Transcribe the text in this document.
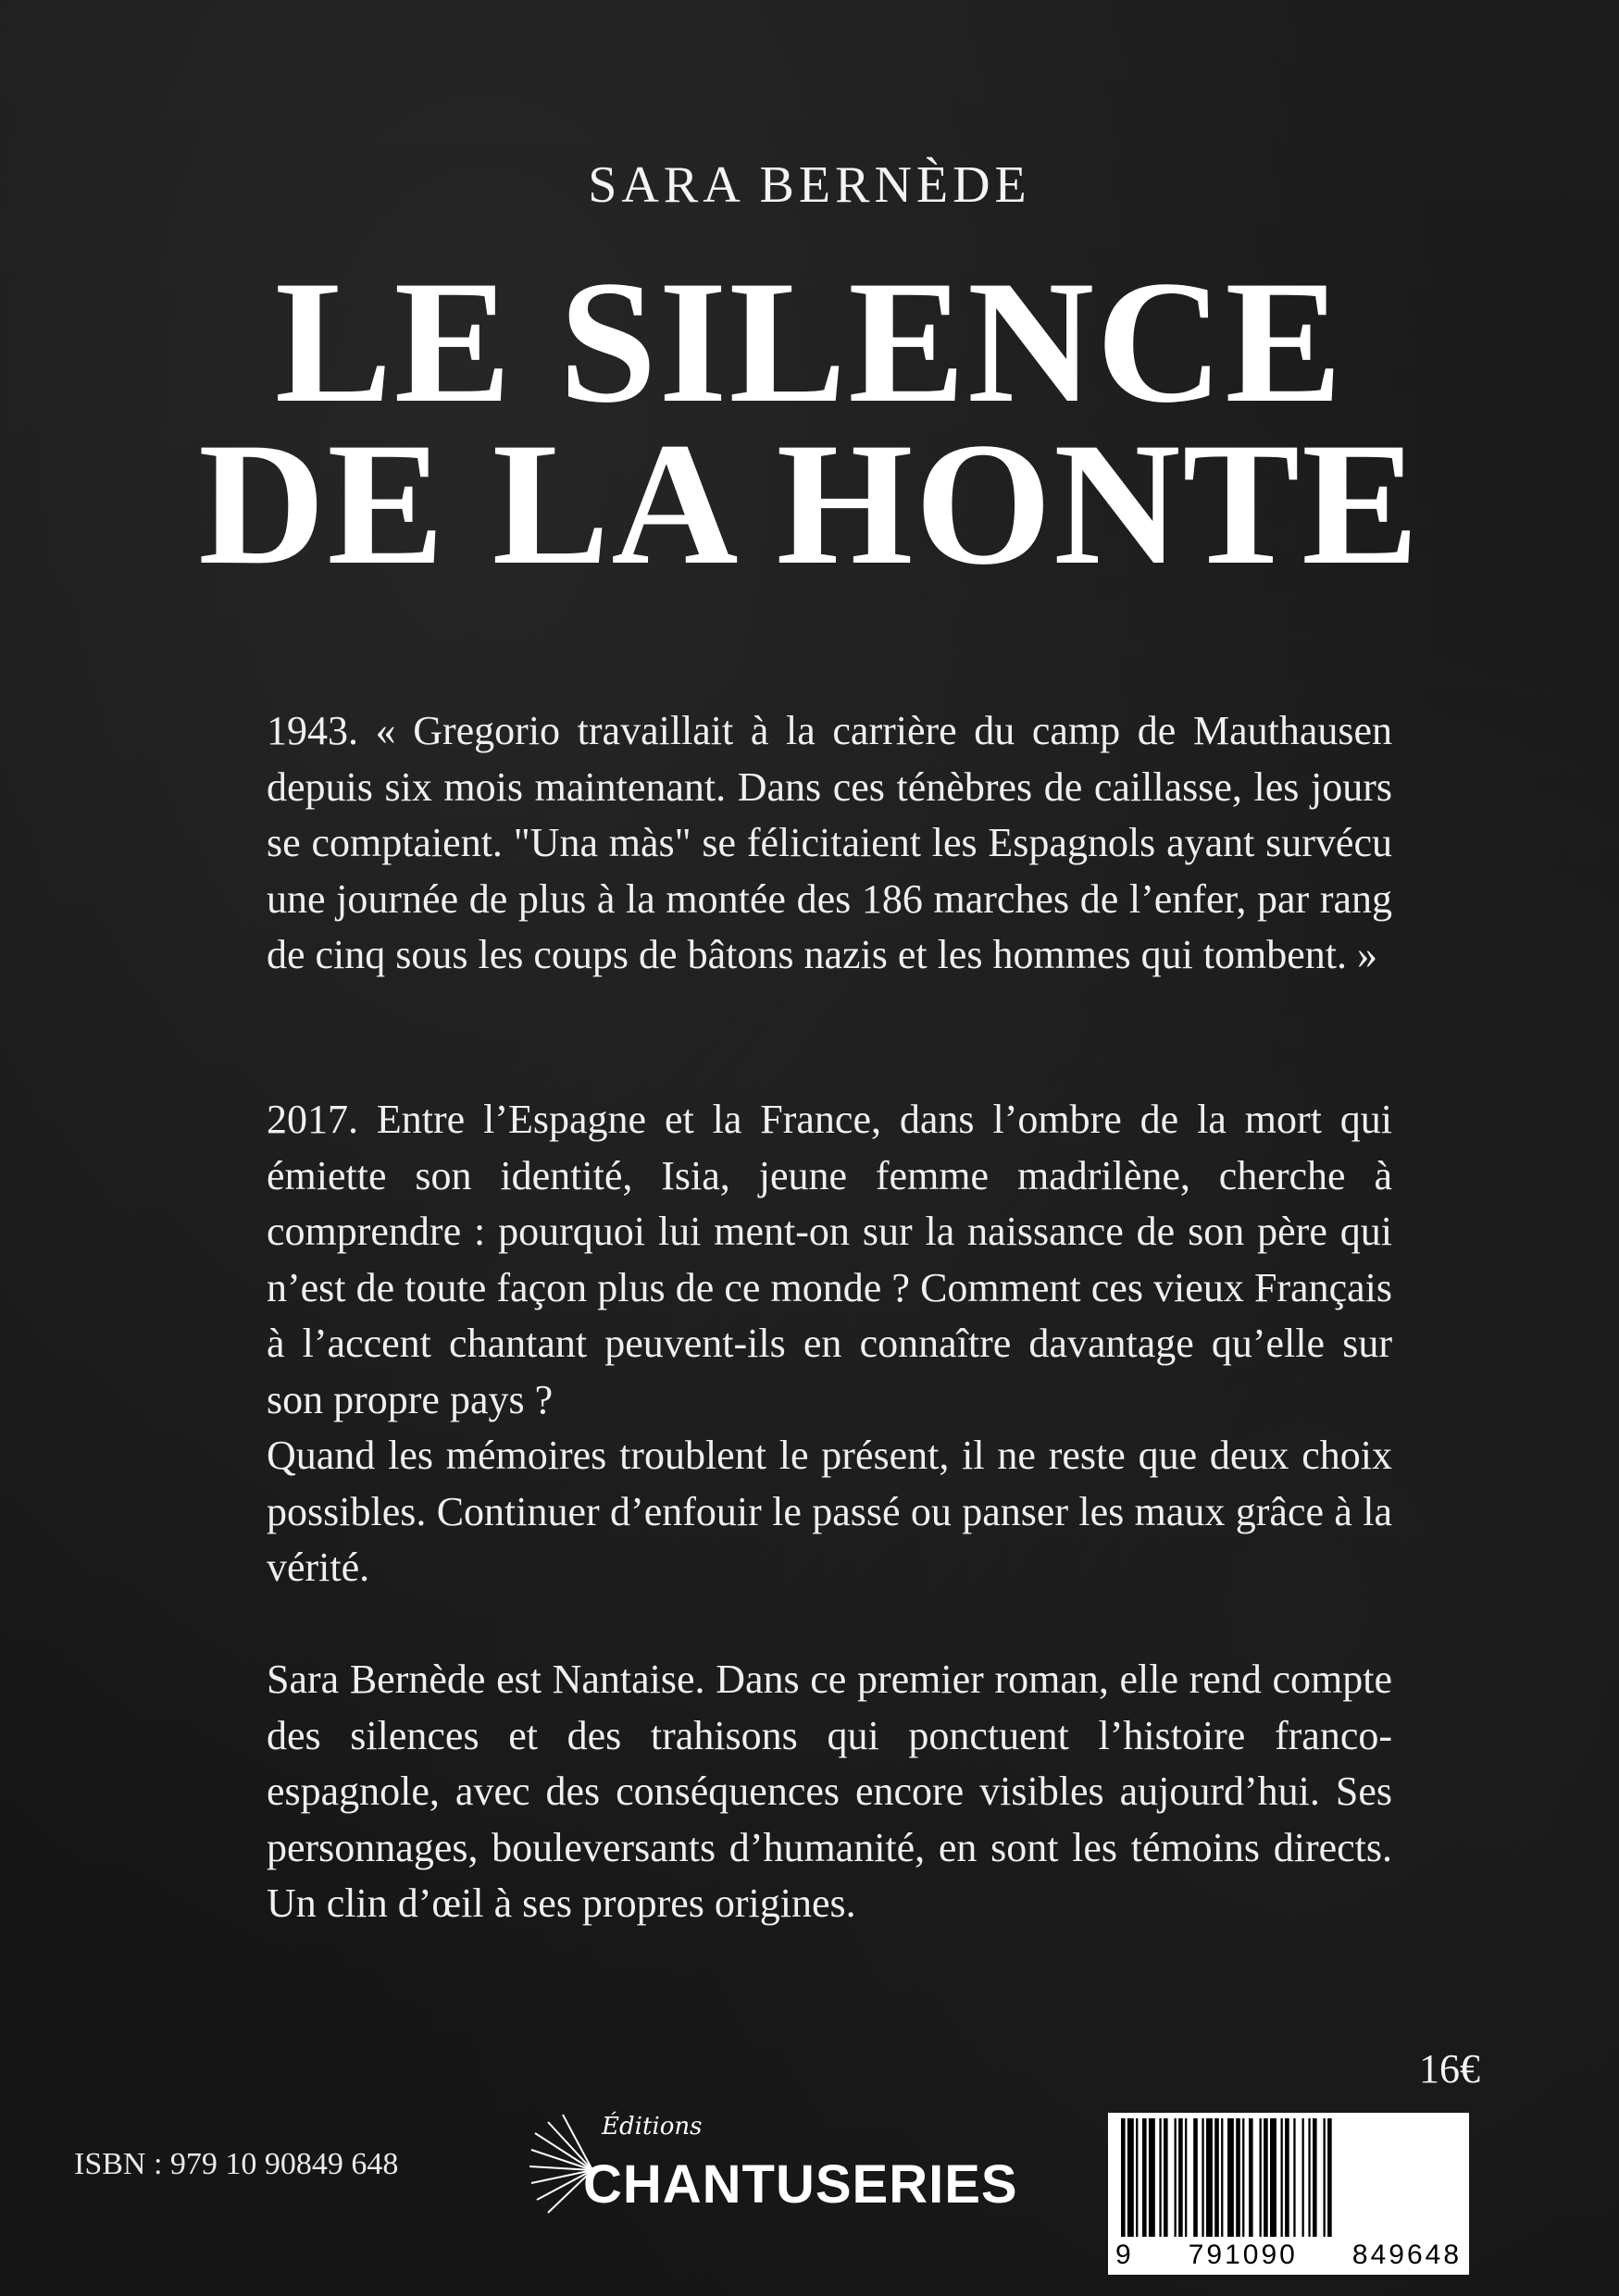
SARA BERNÈDE
LE SILENCE
DE LA HONTE

1943. « Gregorio travaillait à la carrière du camp de Mauthausen depuis six mois maintenant. Dans ces ténèbres de caillasse, les jours se comptaient. "Una màs" se félicitaient les Espagnols ayant survécu une journée de plus à la montée des 186 marches de l’enfer, par rang de cinq sous les coups de bâtons nazis et les hommes qui tombent. »

2017. Entre l’Espagne et la France, dans l’ombre de la mort qui émiette son identité, Isia, jeune femme madrilène, cherche à comprendre : pourquoi lui ment-on sur la naissance de son père qui n’est de toute façon plus de ce monde ? Comment ces vieux Français à l’accent chantant peuvent-ils en connaître davantage qu’elle sur son propre pays ?

Quand les mémoires troublent le présent, il ne reste que deux choix possibles. Continuer d’enfouir le passé ou panser les maux grâce à la vérité.

Sara Bernède est Nantaise. Dans ce premier roman, elle rend compte des silences et des trahisons qui ponctuent l’histoire franco-espagnole, avec des conséquences encore visibles aujourd’hui. Ses personnages, bouleversants d’humanité, en sont les témoins directs. Un clin d’œil à ses propres origines.

16€
ISBN : 979 10 90849 648
Éditions
CHANTUSERIES
9 791090 849648
